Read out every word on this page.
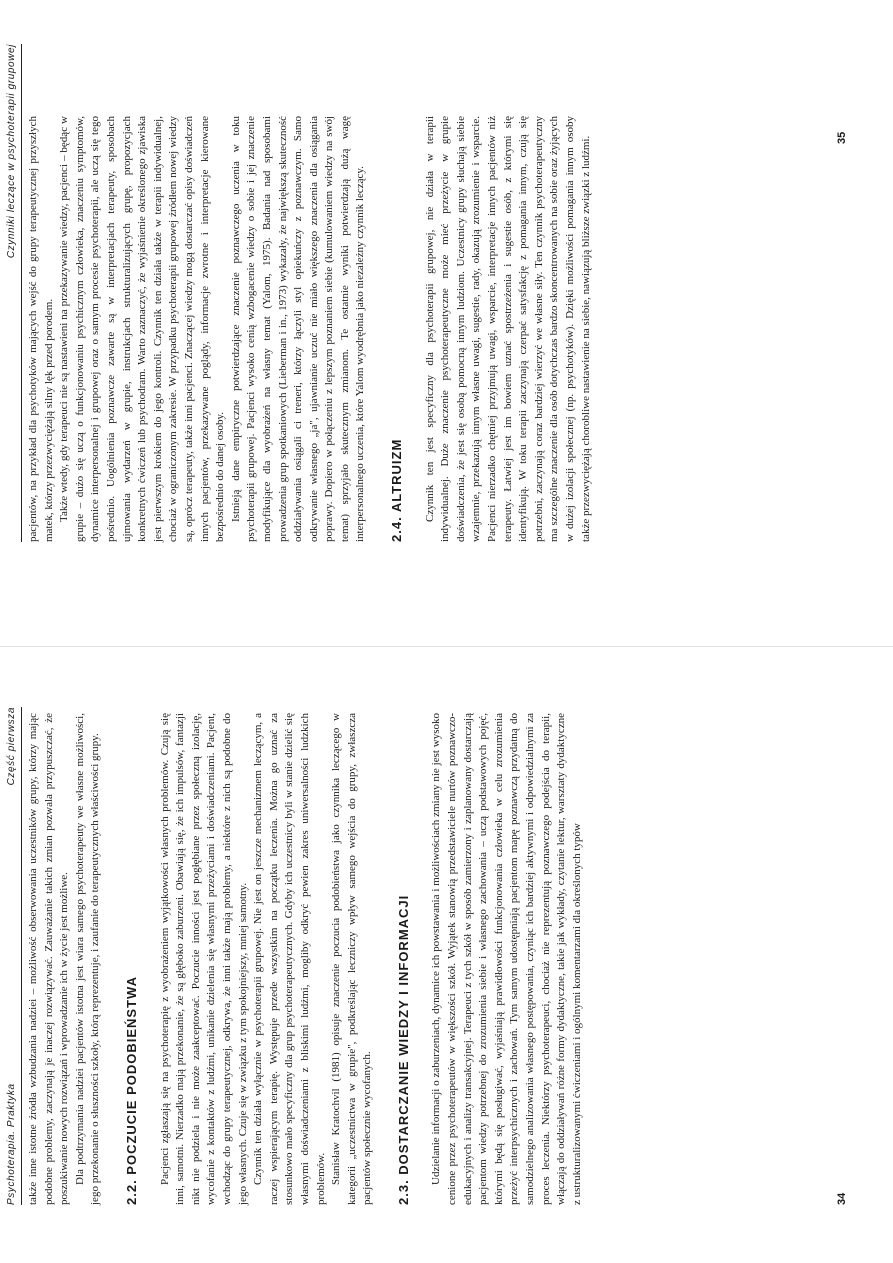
Psychoterapia. Praktyka
Część pierwsza także inne istotne źródła wzbudzania nadziei – możliwość obserwowania uczestników grupy, którzy mając podobne problemy, zaczynają je inaczej rozwiązywać. Zauważanie takich zmian pozwala przypuszczać, że poszukiwanie nowych rozwiązań i wprowadzanie ich w życie jest możliwe. Dla podtrzymania nadziei pacjentów istotna jest wiara samego psychoterapeuty we własne możliwości, jego przekonanie o słuszności szkoły, którą reprezentuje, i zaufanie do terapeutycznych właściwości grupy. 2.2. POCZUCIE PODOBIEŃSTWA Pacjenci zgłaszają się na psychoterapię z wyobrażeniem wyjątkowości własnych problemów. Czują się inni, samotni. Nierzadko mają przekonanie, że są głęboko zaburzeni. Obawiają się, że ich impulsów, fantazji nikt nie podziela i nie może zaakceptować. Poczucie inności jest pogłębiane przez społeczną izolację, wycofanie z kontaktów z ludźmi, unikanie dzielenia się własnymi przeżyciami i doświadczeniami. Pacjent, wchodząc do grupy terapeutycznej, odkrywa, że inni także mają problemy, a niektóre z nich są podobne do jego własnych. Czuje się w związku z tym spokojniejszy, mniej samotny. Czynnik ten działa wyłącznie w psychoterapii grupowej. Nie jest on jeszcze mechanizmem leczącym, a raczej wspierającym terapię. Występuje przede wszystkim na początku leczenia. Można go uznać za stosunkowo mało specyficzny dla grup psychoterapeutycznych. Gdyby ich uczestnicy byli w stanie dzielić się własnymi doświadczeniami z bliskimi ludźmi, mogliby odkryć pewien zakres uniwersalności ludzkich problemów. Stanisław Kratochvil (1981) opisuje znaczenie poczucia podobieństwa jako czynnika leczącego w kategorii „uczestnictwa w grupie", podkreślając leczniczy wpływ samego wejścia do grupy, zwłaszcza pacjentów społecznie wycofanych. 2.3. DOSTARCZANIE WIEDZY I INFORMACJI Udzielanie informacji o zaburzeniach, dynamice ich powstawania i możliwościach zmiany nie jest wysoko cenione przez psychoterapeutów w większości szkół. Wyjątek stanowią przedstawiciele nurtów poznawczo-edukacyjnych i analizy transakcyjnej. Terapeuci z tych szkół w sposób zamierzony i zaplanowany dostarczają pacjentom wiedzy potrzebnej do zrozumienia siebie i własnego zachowania – uczą podstawowych pojęć, którymi będą się posługiwać, wyjaśniają prawidłowości funkcjonowania człowieka w celu zrozumienia przeżyć interpsychicznych i zachowań. Tym samym udostępniają pacjentom mapę poznawczą przydatną do samodzielnego analizowania własnego postępowania, czyniąc ich bardziej aktywnymi i odpowiedzialnymi za proces leczenia. Niektórzy psychoterapeuci, chociaż nie reprezentują poznawczego podejścia do terapii, włączają do oddziaływań różne formy dydaktyczne, takie jak wykłady, czytanie lektur, warsztaty dydaktyczne z ustrukturalizowanymi ćwiczeniami i ogólnymi komentarzami dla określonych typów	34
Czynniki leczące w psychoterapii grupowej pacjentów, na przykład dla psychotyków mających wejść do grupy terapeutycznej przyszłych matek, którzy przezwyciężają silny lęk przed porodem. Także wtedy, gdy terapeuci nie są nastawieni na przekazywanie wiedzy, pacjenci – będąc w grupie – dużo się uczą o funkcjonowaniu psychicznym człowieka, znaczeniu symptomów, dynamice interpersonalnej i grupowej oraz o samym procesie psychoterapii, ale uczą się tego pośrednio. Uogólnienia poznawcze zawarte są w interpretacjach terapeuty, sposobach ujmowania wydarzeń w grupie, instrukcjach strukturalizujących grupę, propozycjach konkretnych ćwiczeń lub psychodram. Warto zaznaczyć, że wyjaśnienie określonego zjawiska jest pierwszym krokiem do jego kontroli. Czynnik ten działa także w terapii indywidualnej, chociaż w ograniczonym zakresie. W przypadku psychoterapii grupowej źródłem nowej wiedzy są, oprócz terapeuty, także inni pacjenci. Znaczącej wiedzy mogą dostarczać opisy doświadczeń innych pacjentów, przekazywane poglądy, informacje zwrotne i interpretacje kierowane bezpośrednio do danej osoby. Istnieją dane empiryczne potwierdzające znaczenie poznawczego uczenia w toku psychoterapii grupowej. Pacjenci wysoko cenią wzbogacenie wiedzy o sobie i jej znaczenie modyfikujące dla wyobrażeń na własny temat (Yalom, 1975). Badania nad sposobami prowadzenia grup spotkaniowych (Lieberman i in., 1973) wykazały, że największą skuteczność oddziaływania osiągali ci treneri, którzy łączyli styl opiekuńczy z poznawczym. Samo odkrywanie własnego „ja", ujawnianie uczuć nie miało większego znaczenia dla osiągania poprawy. Dopiero w połączeniu z lepszym poznaniem siebie (kumulowaniem wiedzy na swój temat) sprzyjało skutecznym zmianom. Te ostatnie wyniki potwierdzają dużą wagę interpersonalnego uczenia, które Yalom wyodrębnia jako niezależny czynnik leczący. 2.4. ALTRUIZM Czynnik ten jest specyficzny dla psychoterapii grupowej, nie działa w terapii indywidualnej. Duże znaczenie psychoterapeutyczne może mieć przeżycie w grupie doświadczenia, że jest się osobą pomocną innym ludziom. Uczestnicy grupy słuchają siebie wzajemnie, przekazują innym własne uwagi, sugestie, rady, okazują zrozumienie i wsparcie. Pacjenci nierzadko chętniej przyjmują uwagi, wsparcie, interpretacje innych pacjentów niż terapeuty. Łatwiej jest im bowiem uznać spostrzeżenia i sugestie osób, z którymi się identyfikują. W toku terapii zaczynają czerpać satysfakcję z pomagania innym, czują się potrzebni, zaczynają coraz bardziej wierzyć we własne siły. Ten czynnik psychoterapeutyczny ma szczególne znaczenie dla osób dotychczas bardzo skoncentrowanych na sobie oraz żyjących w dużej izolacji społecznej (np. psychotyków). Dzięki możliwości pomagania innym osoby także przezwyciężają chorobliwe nastawienie na siebie, nawiązują bliższe związki z ludźmi.	35
